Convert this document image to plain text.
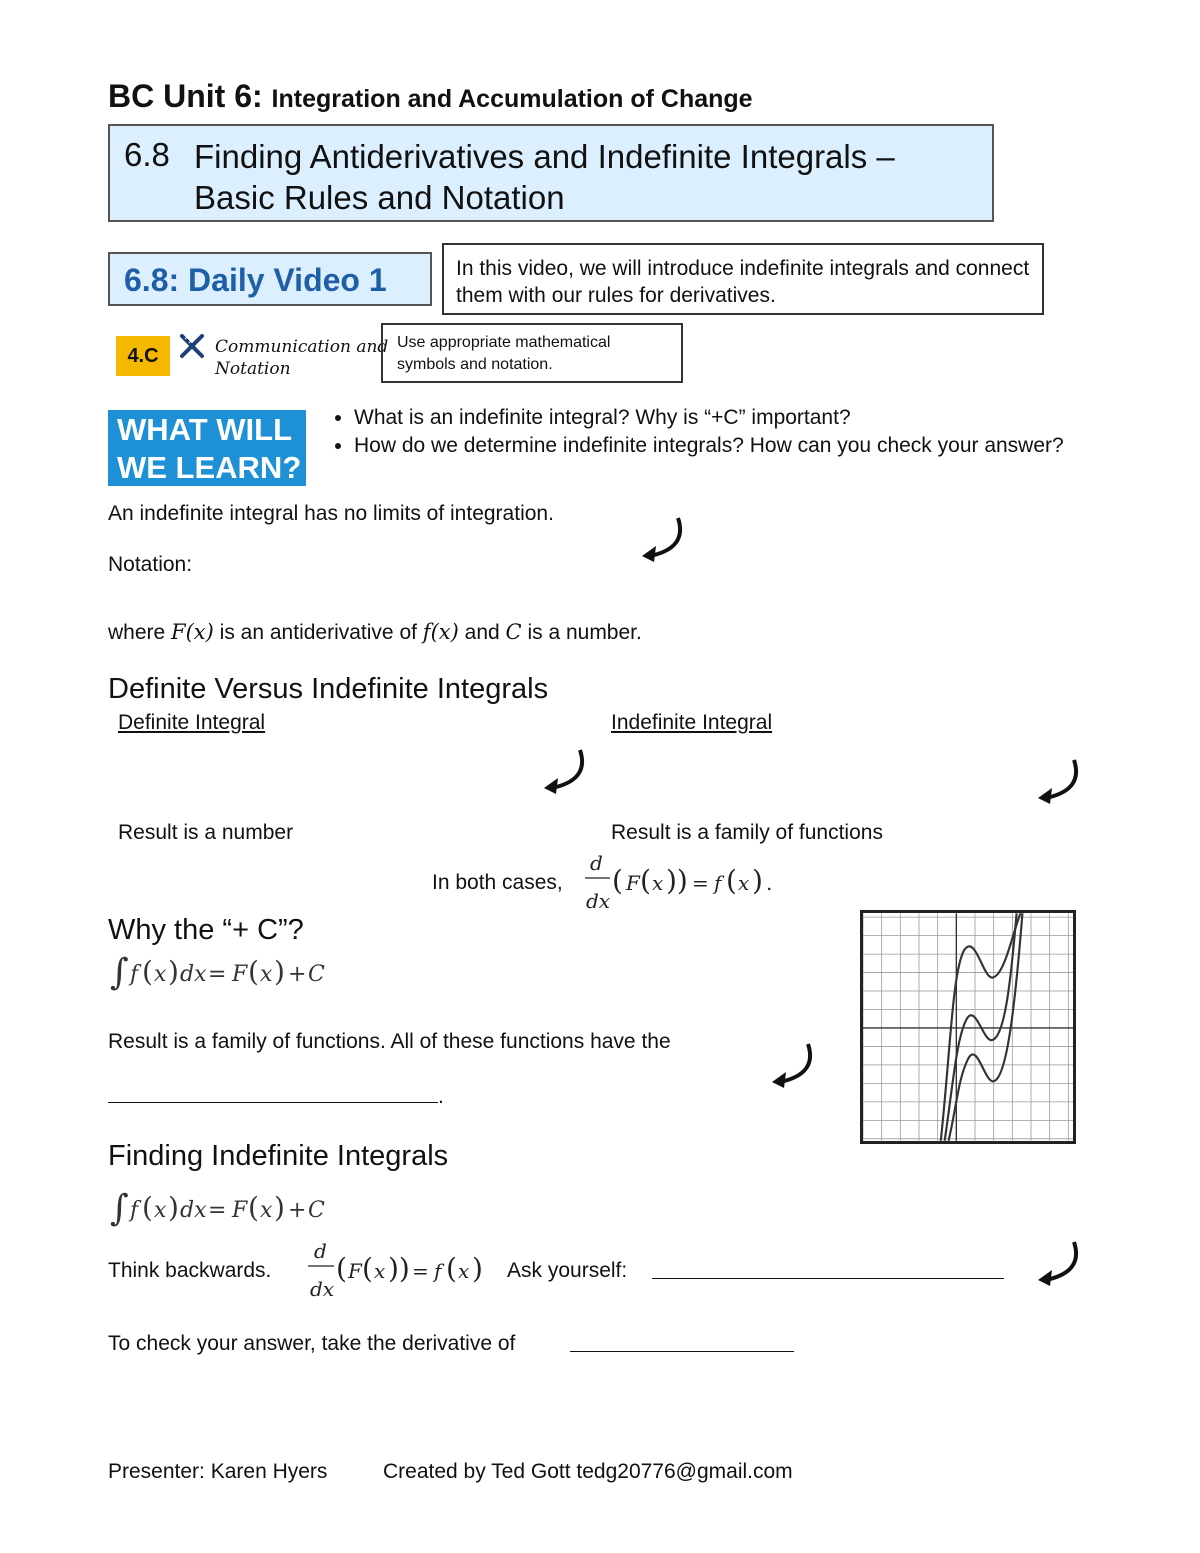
BC Unit 6: Integration and Accumulation of Change
6.8 Finding Antiderivatives and Indefinite Integrals – Basic Rules and Notation
6.8: Daily Video 1	In this video, we will introduce indefinite integrals and connect them with our rules for derivatives.
4.C	Communication and
Notation
Use appropriate mathematical symbols and notation.
WHAT WILL
WE LEARN?
• What is an indefinite integral? Why is “+C” important?
• How do we determine indefinite integrals? How can you check your answer?
An indefinite integral has no limits of integration.
Notation:
where F(x) is an antiderivative of f(x) and C is a number.
Definite Versus Indefinite Integrals
Definite Integral	Indefinite Integral
Result is a number	Result is a family of functions
In both cases,
d
dx
( F ( x )) = f ( x ) .
Why the “+ C”?
∫ f ( x ) dx = F ( x ) + C
Result is a family of functions. All of these functions have the
.
Finding Indefinite Integrals
∫ f ( x ) dx = F ( x ) + C
Think backwards.
d
dx
( F ( x )) = f ( x ) Ask yourself:
To check your answer, take the derivative of
Presenter: Karen Hyers	Created by Ted Gott tedg20776@gmail.com
